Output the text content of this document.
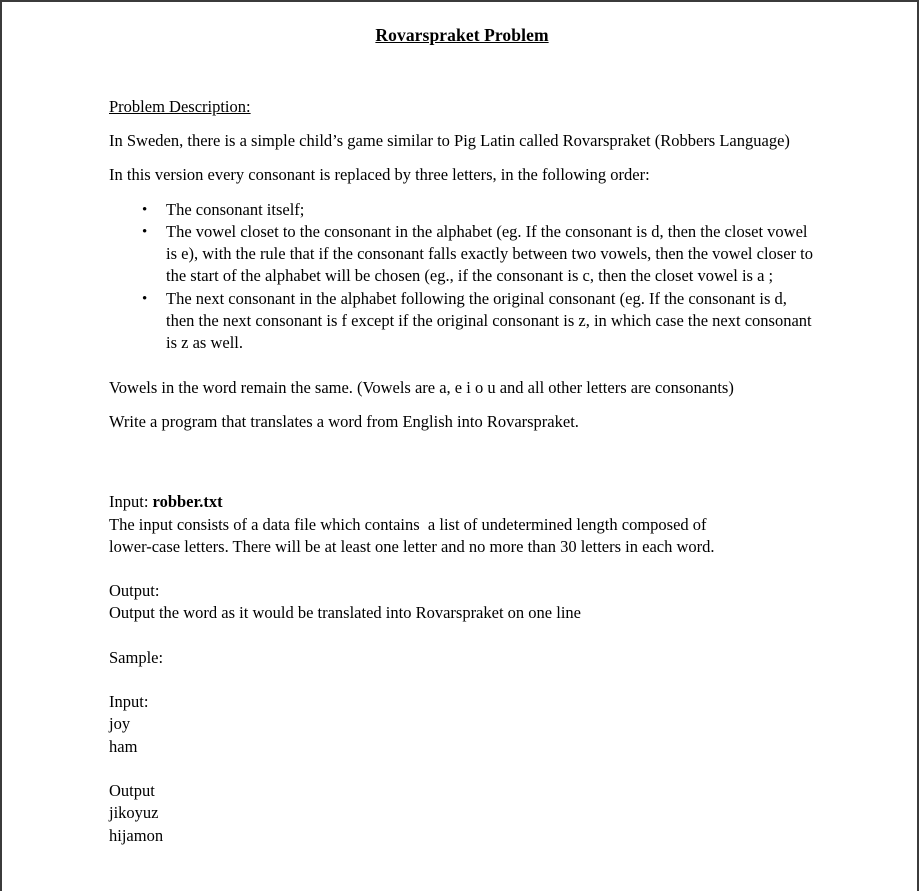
Rovarspraket Problem
Problem Description:

In Sweden, there is a simple child’s game similar to Pig Latin called Rovarspraket (Robbers Language)

In this version every consonant is replaced by three letters, in the following order:

• The consonant itself;
• The vowel closet to the consonant in the alphabet (eg. If the consonant is d, then the closet vowel is e), with the rule that if the consonant falls exactly between two vowels, then the vowel closer to the start of the alphabet will be chosen (eg., if the consonant is c, then the closet vowel is a ;
• The next consonant in the alphabet following the original consonant (eg. If the consonant is d, then the next consonant is f except if the original consonant is z, in which case the next consonant is z as well.

Vowels in the word remain the same. (Vowels are a, e i o u and all other letters are consonants)

Write a program that translates a word from English into Rovarspraket.

Input: robber.txt
The input consists of a data file which contains  a list of undetermined length composed of
lower-case letters. There will be at least one letter and no more than 30 letters in each word.
Output:
Output the word as it would be translated into Rovarspraket on one line
Sample:
Input:
joy
ham
Output
jikoyuz
hijamon
